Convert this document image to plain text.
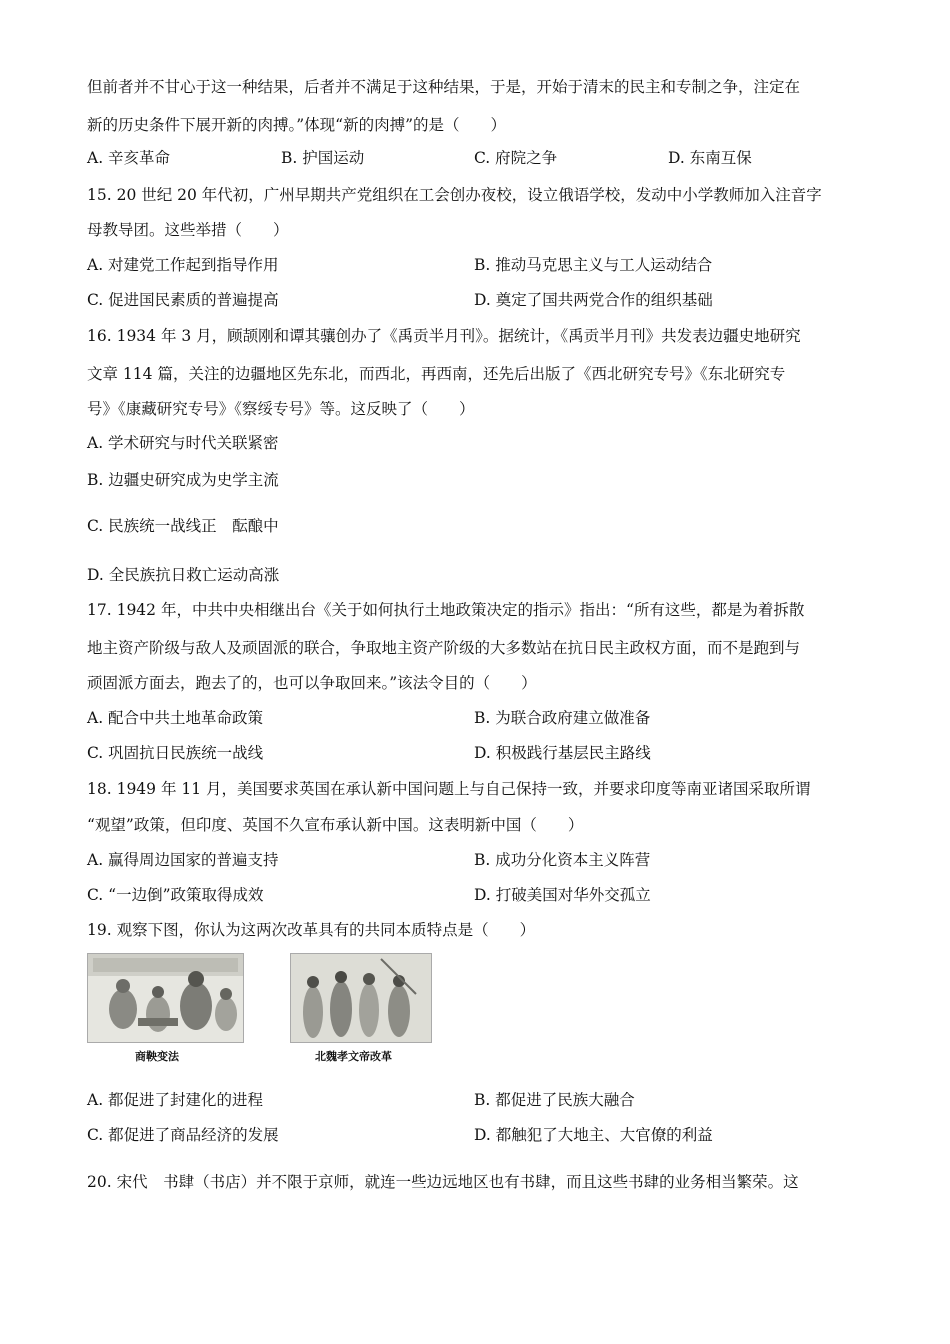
但前者并不甘心于这一种结果，后者并不满足于这种结果，于是，开始于清末的民主和专制之争，注定在
新的历史条件下展开新的肉搏。”体现“新的肉搏”的是（　　）
A. 辛亥革命	B. 护国运动	C. 府院之争	D. 东南互保
15. 20 世纪 20 年代初，广州早期共产党组织在工会创办夜校，设立俄语学校，发动中小学教师加入注音字
母教导团。这些举措（　　）
A. 对建党工作起到指导作用	B. 推动马克思主义与工人运动结合
C. 促进国民素质的普遍提高	D. 奠定了国共两党合作的组织基础
16. 1934 年 3 月，顾颉刚和谭其骧创办了《禹贡半月刊》。据统计，《禹贡半月刊》共发表边疆史地研究
文章 114 篇，关注的边疆地区先东北，而西北，再西南，还先后出版了《西北研究专号》《东北研究专
号》《康藏研究专号》《察绥专号》等。这反映了（　　）
A. 学术研究与时代关联紧密
B. 边疆史研究成为史学主流
C. 民族统一战线正　酝酿中
D. 全民族抗日救亡运动高涨
17. 1942 年，中共中央相继出台《关于如何执行土地政策决定的指示》指出：“所有这些，都是为着拆散
地主资产阶级与敌人及顽固派的联合，争取地主资产阶级的大多数站在抗日民主政权方面，而不是跑到与
顽固派方面去，跑去了的，也可以争取回来。”该法令目的（　　）
A. 配合中共土地革命政策	B. 为联合政府建立做准备
C. 巩固抗日民族统一战线	D. 积极践行基层民主路线
18. 1949 年 11 月，美国要求英国在承认新中国问题上与自己保持一致，并要求印度等南亚诸国采取所谓
“观望”政策，但印度、英国不久宣布承认新中国。这表明新中国（　　）
A. 赢得周边国家的普遍支持	B. 成功分化资本主义阵营
C. “一边倒”政策取得成效	D. 打破美国对华外交孤立
19. 观察下图，你认为这两次改革具有的共同本质特点是（　　）
商鞅变法	北魏孝文帝改革
A. 都促进了封建化的进程	B. 都促进了民族大融合
C. 都促进了商品经济的发展	D. 都触犯了大地主、大官僚的利益
20. 宋代　书肆（书店）并不限于京师，就连一些边远地区也有书肆，而且这些书肆的业务相当繁荣。这
